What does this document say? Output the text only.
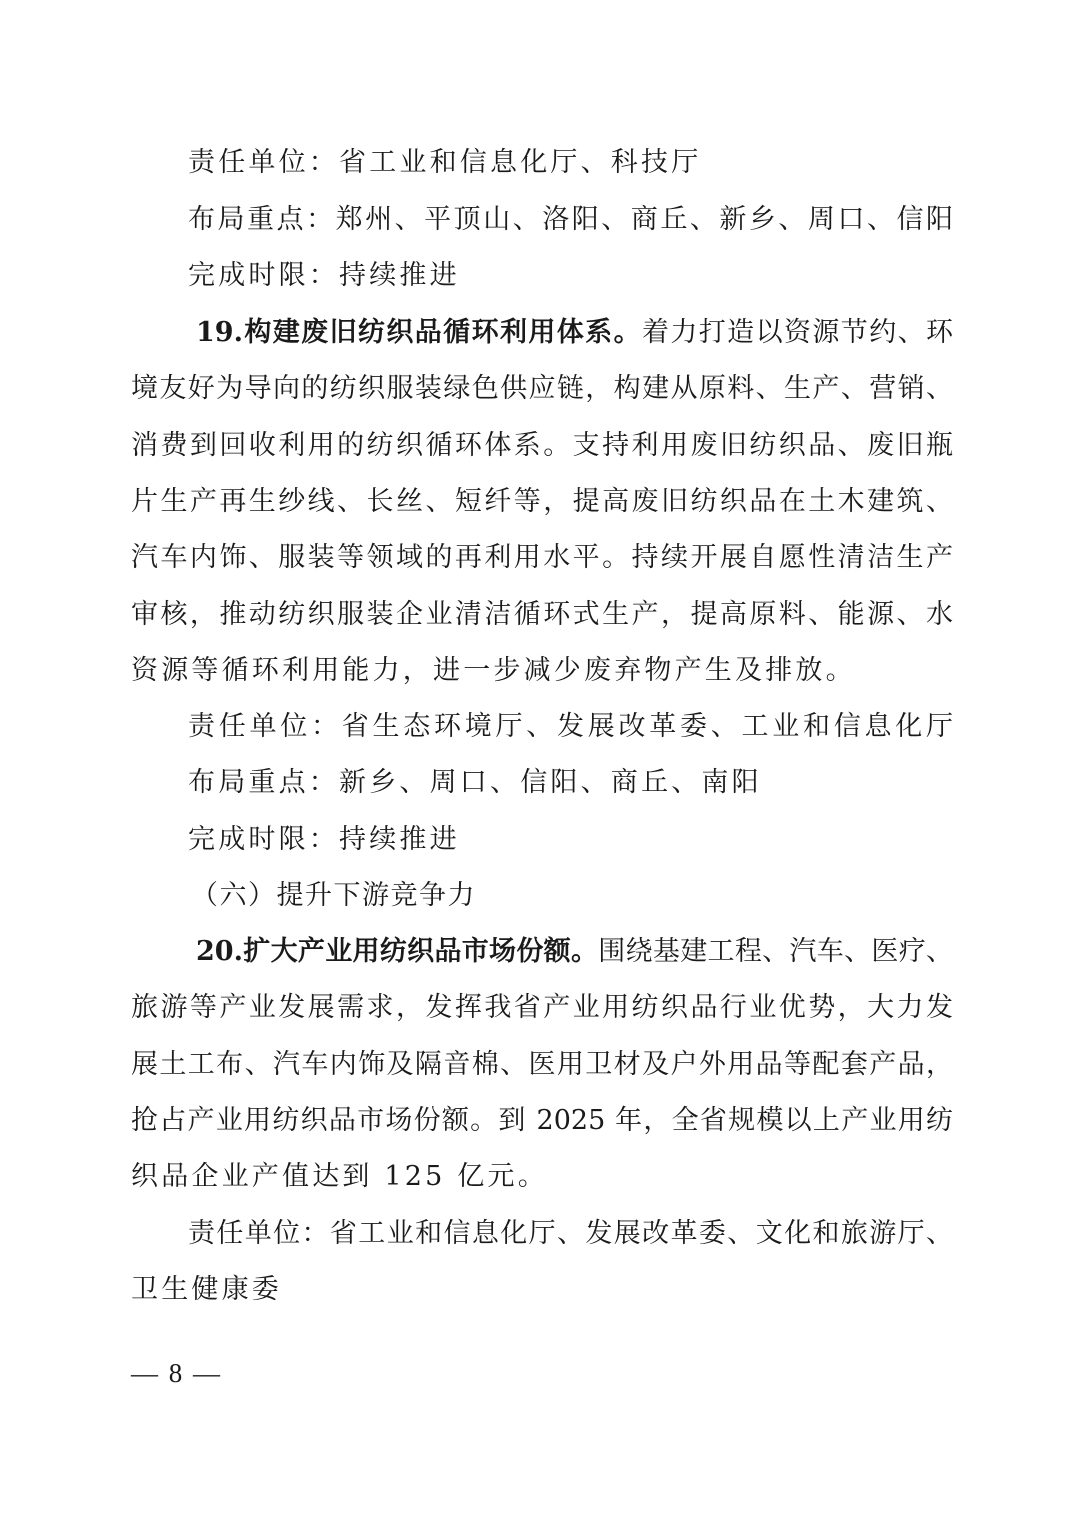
责任单位：省工业和信息化厅、科技厅
布局重点：郑州、平顶山、洛阳、商丘、新乡、周口、信阳
完成时限：持续推进
19.构建废旧纺织品循环利用体系。着力打造以资源节约、环
境友好为导向的纺织服装绿色供应链，构建从原料、生产、营销、
消费到回收利用的纺织循环体系。支持利用废旧纺织品、废旧瓶
片生产再生纱线、长丝、短纤等，提高废旧纺织品在土木建筑、
汽车内饰、服装等领域的再利用水平。持续开展自愿性清洁生产
审核，推动纺织服装企业清洁循环式生产，提高原料、能源、水
资源等循环利用能力，进一步减少废弃物产生及排放。
责任单位：省生态环境厅、发展改革委、工业和信息化厅
布局重点：新乡、周口、信阳、商丘、南阳
完成时限：持续推进
（六）提升下游竞争力
20.扩大产业用纺织品市场份额。围绕基建工程、汽车、医疗、
旅游等产业发展需求，发挥我省产业用纺织品行业优势，大力发
展土工布、汽车内饰及隔音棉、医用卫材及户外用品等配套产品，
抢占产业用纺织品市场份额。到 2025 年，全省规模以上产业用纺
织品企业产值达到 125 亿元。
责任单位：省工业和信息化厅、发展改革委、文化和旅游厅、
卫生健康委
— 8 —
